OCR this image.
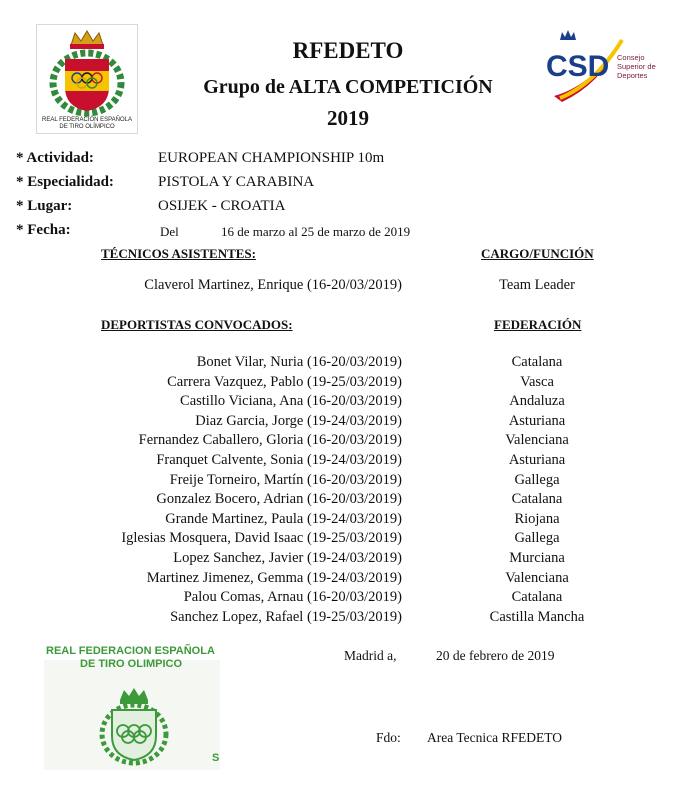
REAL FEDERACIÓN ESPAÑOLA
DE TIRO OLÍMPICO
RFEDETO
Grupo de ALTA COMPETICIÓN
2019
CSD Consejo
Superior de
Deportes
* Actividad:	EUROPEAN CHAMPIONSHIP 10m
* Especialidad:	PISTOLA Y CARABINA
* Lugar:	OSIJEK - CROATIA
* Fecha:	Del	16 de marzo al 25 de marzo de 2019
TÉCNICOS ASISTENTES:	CARGO/FUNCIÓN
Claverol Martinez, Enrique (16-20/03/2019)	Team Leader
DEPORTISTAS CONVOCADOS:	FEDERACIÓN
Bonet Vilar, Nuria (16-20/03/2019)	Catalana
Carrera Vazquez, Pablo (19-25/03/2019)	Vasca
Castillo Viciana, Ana (16-20/03/2019)	Andaluza
Diaz Garcia, Jorge (19-24/03/2019)	Asturiana
Fernandez Caballero, Gloria (16-20/03/2019)	Valenciana
Franquet Calvente, Sonia (19-24/03/2019)	Asturiana
Freije Torneiro, Martín (16-20/03/2019)	Gallega
Gonzalez Bocero, Adrian (16-20/03/2019)	Catalana
Grande Martinez, Paula (19-24/03/2019)	Riojana
Iglesias Mosquera, David Isaac (19-25/03/2019)	Gallega
Lopez Sanchez, Javier (19-24/03/2019)	Murciana
Martinez Jimenez, Gemma (19-24/03/2019)	Valenciana
Palou Comas, Arnau (16-20/03/2019)	Catalana
Sanchez Lopez, Rafael (19-25/03/2019)	Castilla Mancha
REAL FEDERACION ESPAÑOLA
DE TIRO OLIMPICO
S
Madrid a,	20 de febrero de 2019
Fdo: Area Tecnica RFEDETO
